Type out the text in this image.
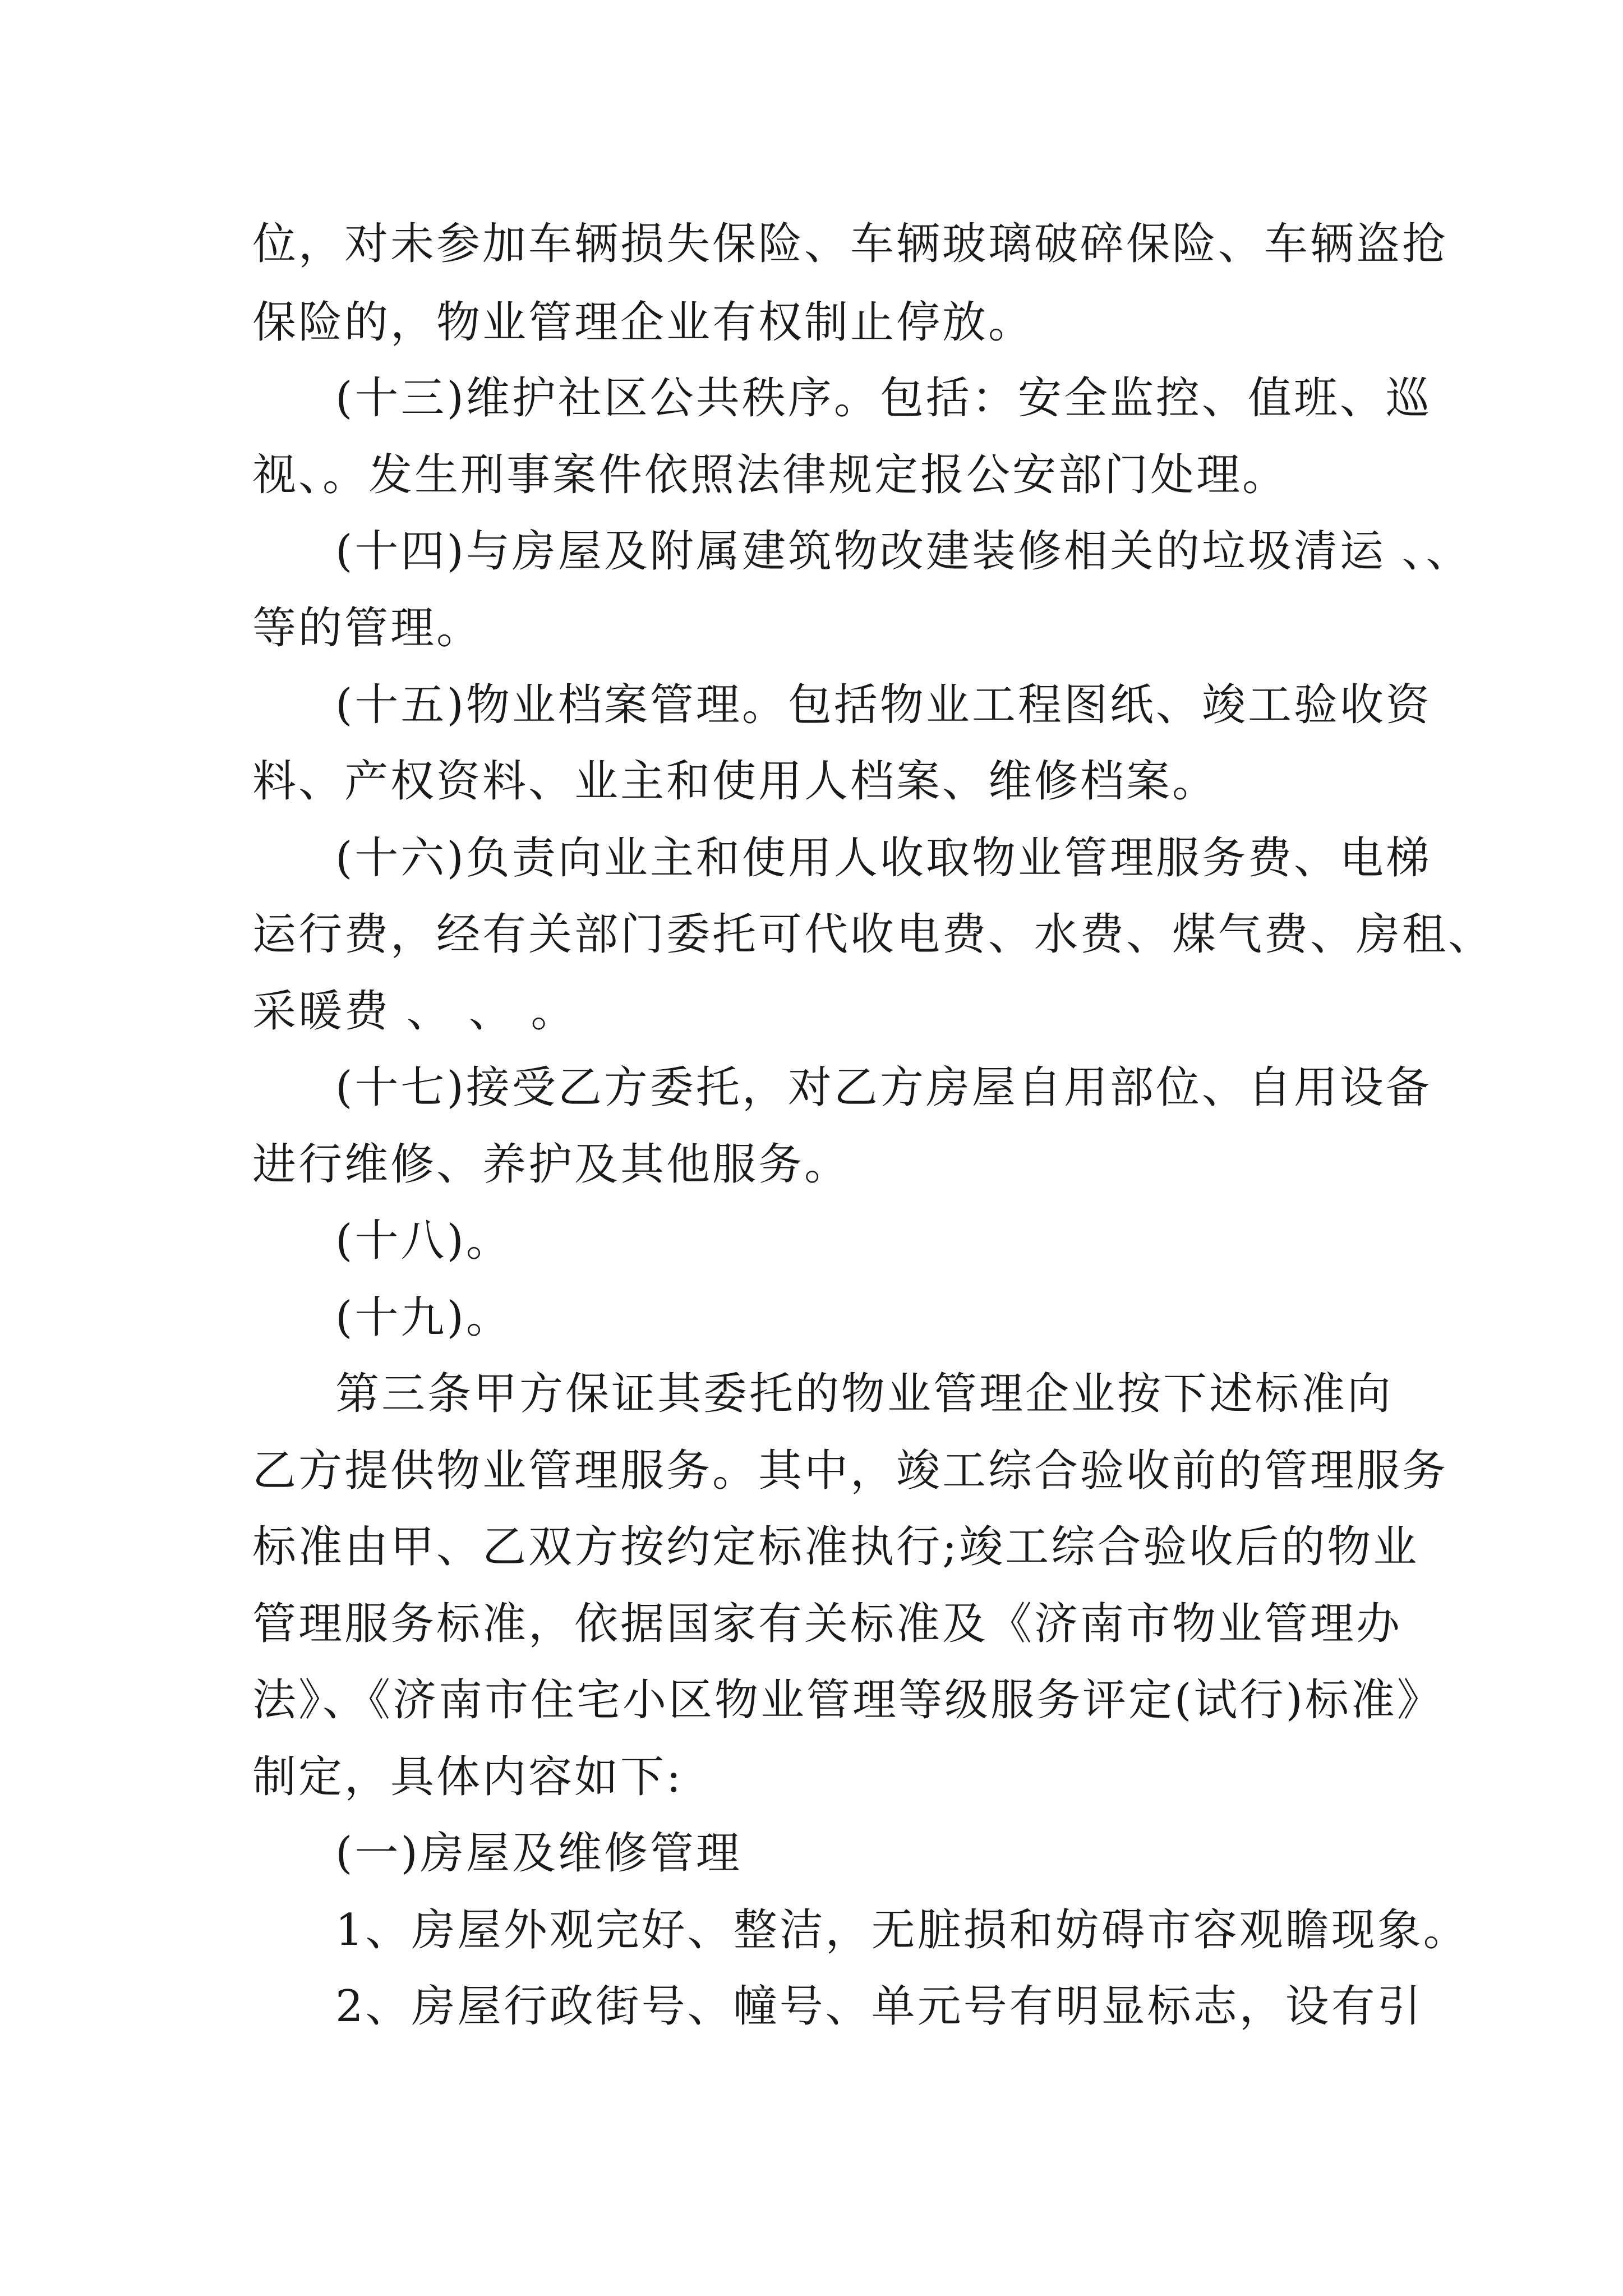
位，对未参加车辆损失保险、车辆玻璃破碎保险、车辆盗抢
保险的，物业管理企业有权制止停放。
(十三)维护社区公共秩序。包括：安全监控、值班、巡
视、。发生刑事案件依照法律规定报公安部门处理。
(十四)与房屋及附属建筑物改建装修相关的垃圾清运 、、
等的管理。
(十五)物业档案管理。包括物业工程图纸、竣工验收资
料、产权资料、业主和使用人档案、维修档案。
(十六)负责向业主和使用人收取物业管理服务费、电梯
运行费，经有关部门委托可代收电费、水费、煤气费、房租、
采暖费 、 、 。
(十七)接受乙方委托，对乙方房屋自用部位、自用设备
进行维修、养护及其他服务。
(十八)。
(十九)。
第三条甲方保证其委托的物业管理企业按下述标准向
乙方提供物业管理服务。其中，竣工综合验收前的管理服务
标准由甲、乙双方按约定标准执行;竣工综合验收后的物业
管理服务标准，依据国家有关标准及《济南市物业管理办
法》、《济南市住宅小区物业管理等级服务评定(试行)标准》
制定，具体内容如下:
(一)房屋及维修管理
1、房屋外观完好、整洁，无脏损和妨碍市容观瞻现象。
2、房屋行政街号、幢号、单元号有明显标志，设有引
